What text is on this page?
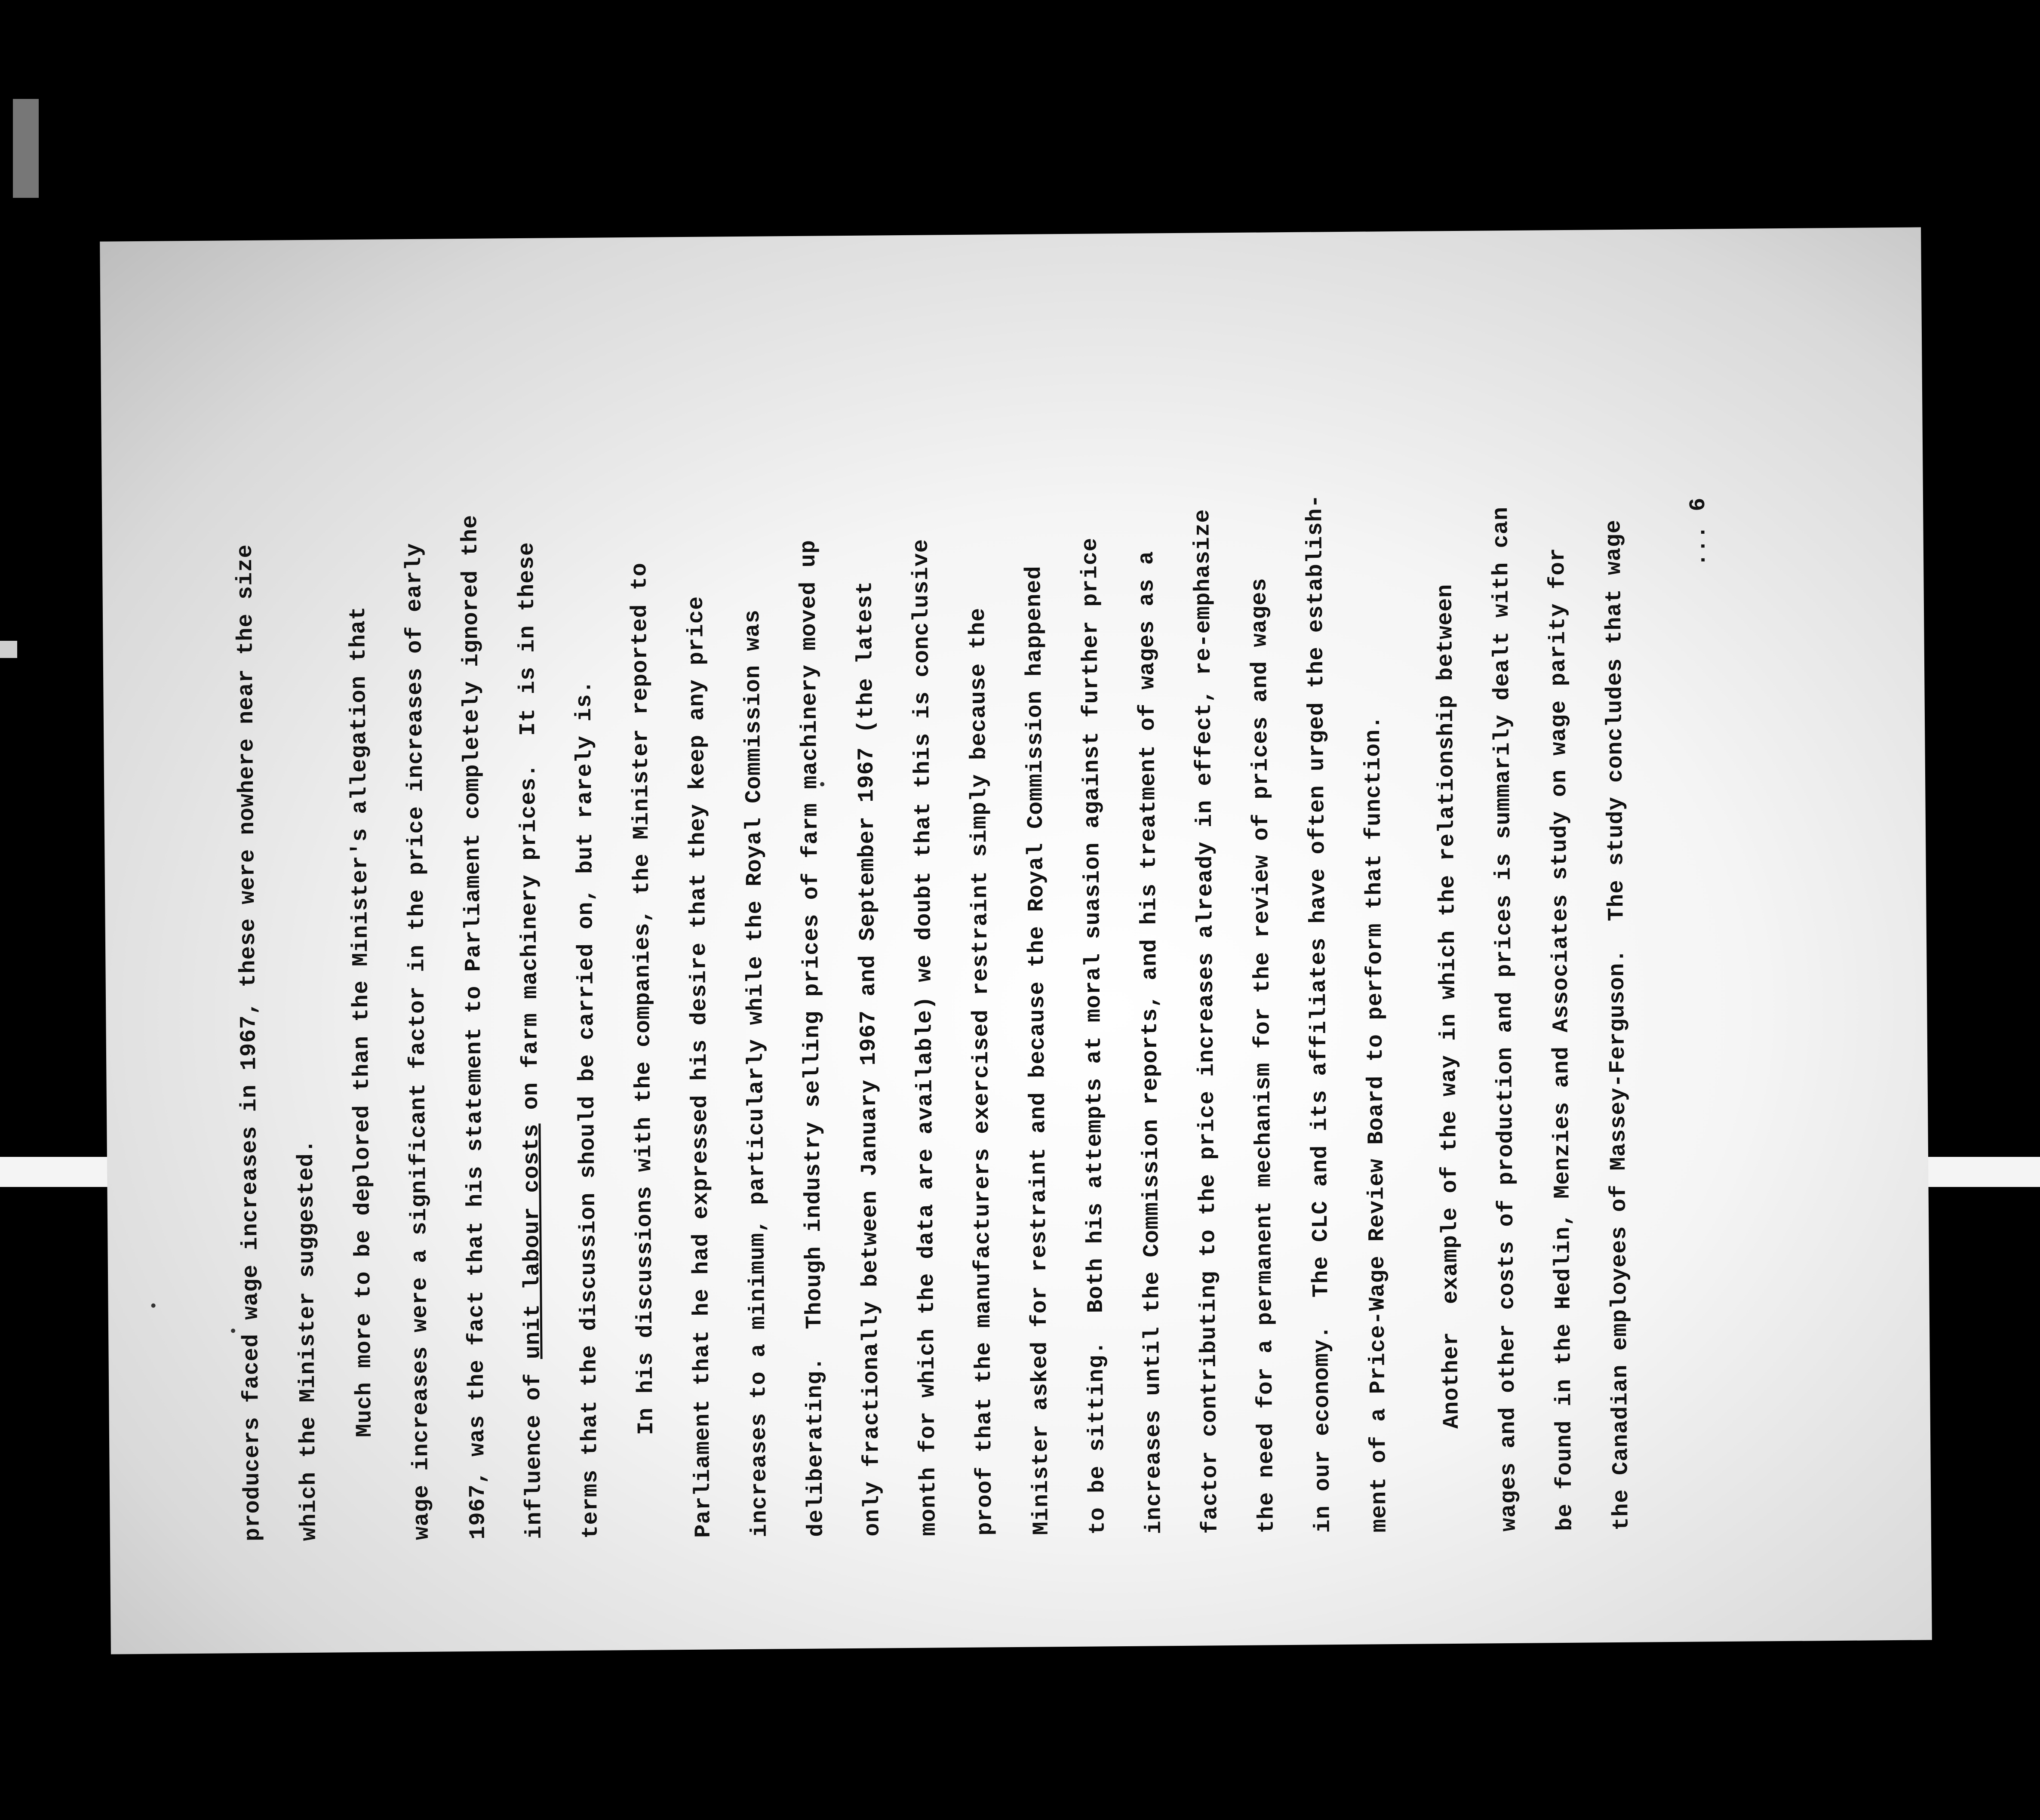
producers faced wage increases in 1967, these were nowhere near the size	which the Minister suggested.	Much more to be deplored than the Minister's allegation that	wage increases were a significant factor in the price increases of early	1967, was the fact that his statement to Parliament completely ignored the	influence of unit labour costs on farm machinery prices.  It is in these	terms that the discussion should be carried on, but rarely is.	In his discussions with the companies, the Minister reported to	Parliament that he had expressed his desire that they keep any price	increases to a minimum, particularly while the Royal Commission was	deliberating.  Though industry selling prices of farm machinery moved up	only fractionally between January 1967 and September 1967 (the latest	month for which the data are available) we doubt that this is conclusive	proof that the manufacturers exercised restraint simply because the	Minister asked for restraint and because the Royal Commission happened	to be sitting.  Both his attempts at moral suasion against further price	increases until the Commission reports, and his treatment of wages as a	factor contributing to the price increases already in effect, re-emphasize	the need for a permanent mechanism for the review of prices and wages	in our economy.  The CLC and its affiliates have often urged the establish-	ment of a Price-Wage Review Board to perform that function.	Another  example of the way in which the relationship between	wages and other costs of production and prices is summarily dealt with can	be found in the Hedlin, Menzies and Associates study on wage parity for	the Canadian employees of Massey-Ferguson.  The study concludes that wage	... 6
